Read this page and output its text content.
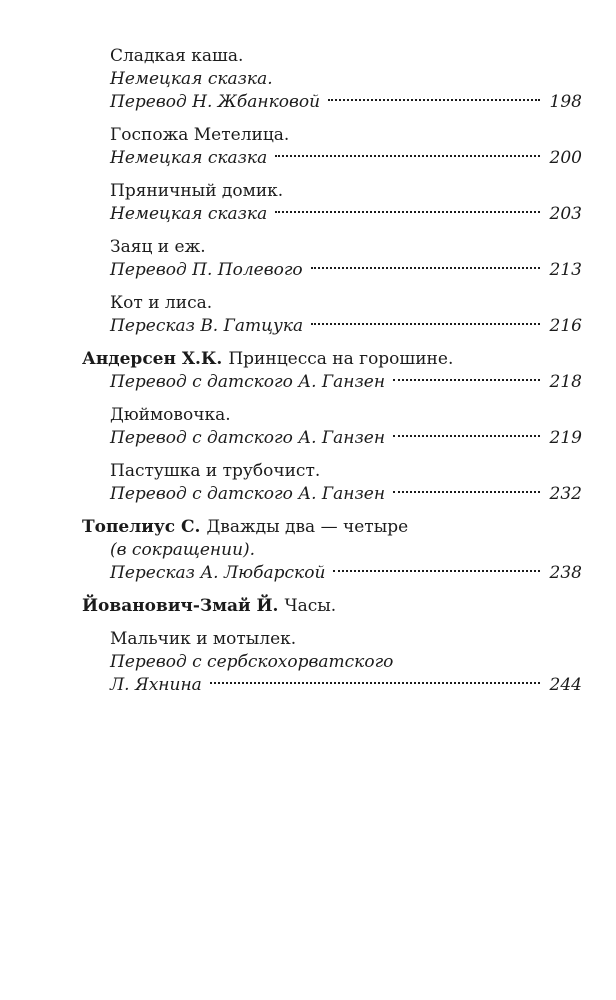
Сладкая каша.
Немецкая сказка.
Перевод Н. Жбанковой	198
Госпожа Метелица.
Немецкая сказка	200
Пряничный домик.
Немецкая сказка	203
Заяц и еж.
Перевод П. Полевого	213
Кот и лиса.
Пересказ В. Гатцука	216
Андерсен Х.К. Принцесса на горошине.
Перевод с датского А. Ганзен	218
Дюймовочка.
Перевод с датского А. Ганзен	219
Пастушка и трубочист.
Перевод с датского А. Ганзен	232
Топелиус С. Дважды два — четыре
(в сокращении).
Пересказ А. Любарской	238
Йованович-Змай Й. Часы.
Мальчик и мотылек.
Перевод с сербскохорватского
Л. Яхнина	244
